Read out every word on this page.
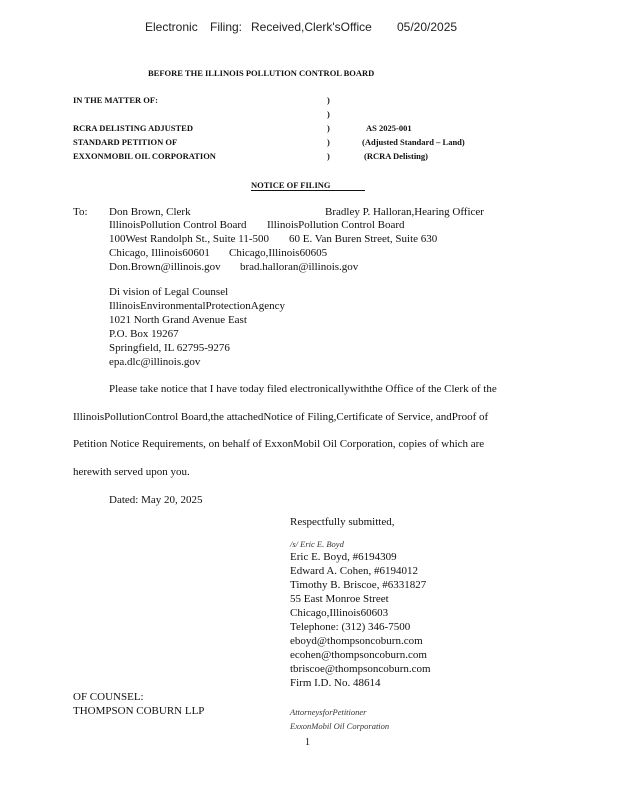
Electronic Filing: Received,Clerk'sOffice 05/20/2025
BEFORE THE ILLINOIS POLLUTION CONTROL BOARD
IN THE MATTER OF:
RCRA DELISTING ADJUSTED
STANDARD PETITION OF
EXXONMOBIL OIL CORPORATION
)
)
)
)
)
AS 2025-001
(Adjusted Standard – Land)
(RCRA Delisting)
NOTICE OF FILING
To: Don Brown, Clerk
IllinoisPollution Control Board
100West Randolph St., Suite 11-500
Chicago, Illinois60601
Don.Brown@illinois.gov
Bradley P. Halloran,Hearing Officer
IllinoisPollution Control Board
60 E. Van Buren Street, Suite 630
Chicago,Illinois60605
brad.halloran@illinois.gov
Di vision of Legal Counsel
IllinoisEnvironmentalProtectionAgency
1021 North Grand Avenue East
P.O. Box 19267
Springfield, IL 62795-9276
epa.dlc@illinois.gov
Please take notice that I have today filed electronicallywiththe Office of the Clerk of the
IllinoisPollutionControl Board,the attachedNotice of Filing,Certificate of Service, andProof of
Petition Notice Requirements, on behalf of ExxonMobil Oil Corporation, copies of which are
herewith served upon you.
Dated: May 20, 2025
Respectfully submitted,
/s/ Eric E. Boyd
Eric E. Boyd, #6194309
Edward A. Cohen, #6194012
Timothy B. Briscoe, #6331827
55 East Monroe Street
Chicago,Illinois60603
Telephone: (312) 346-7500
eboyd@thompsoncoburn.com
ecohen@thompsoncoburn.com
tbriscoe@thompsoncoburn.com
Firm I.D. No. 48614
AttorneysforPetitioner
ExxonMobil Oil Corporation
OF COUNSEL:
THOMPSON COBURN LLP
1
